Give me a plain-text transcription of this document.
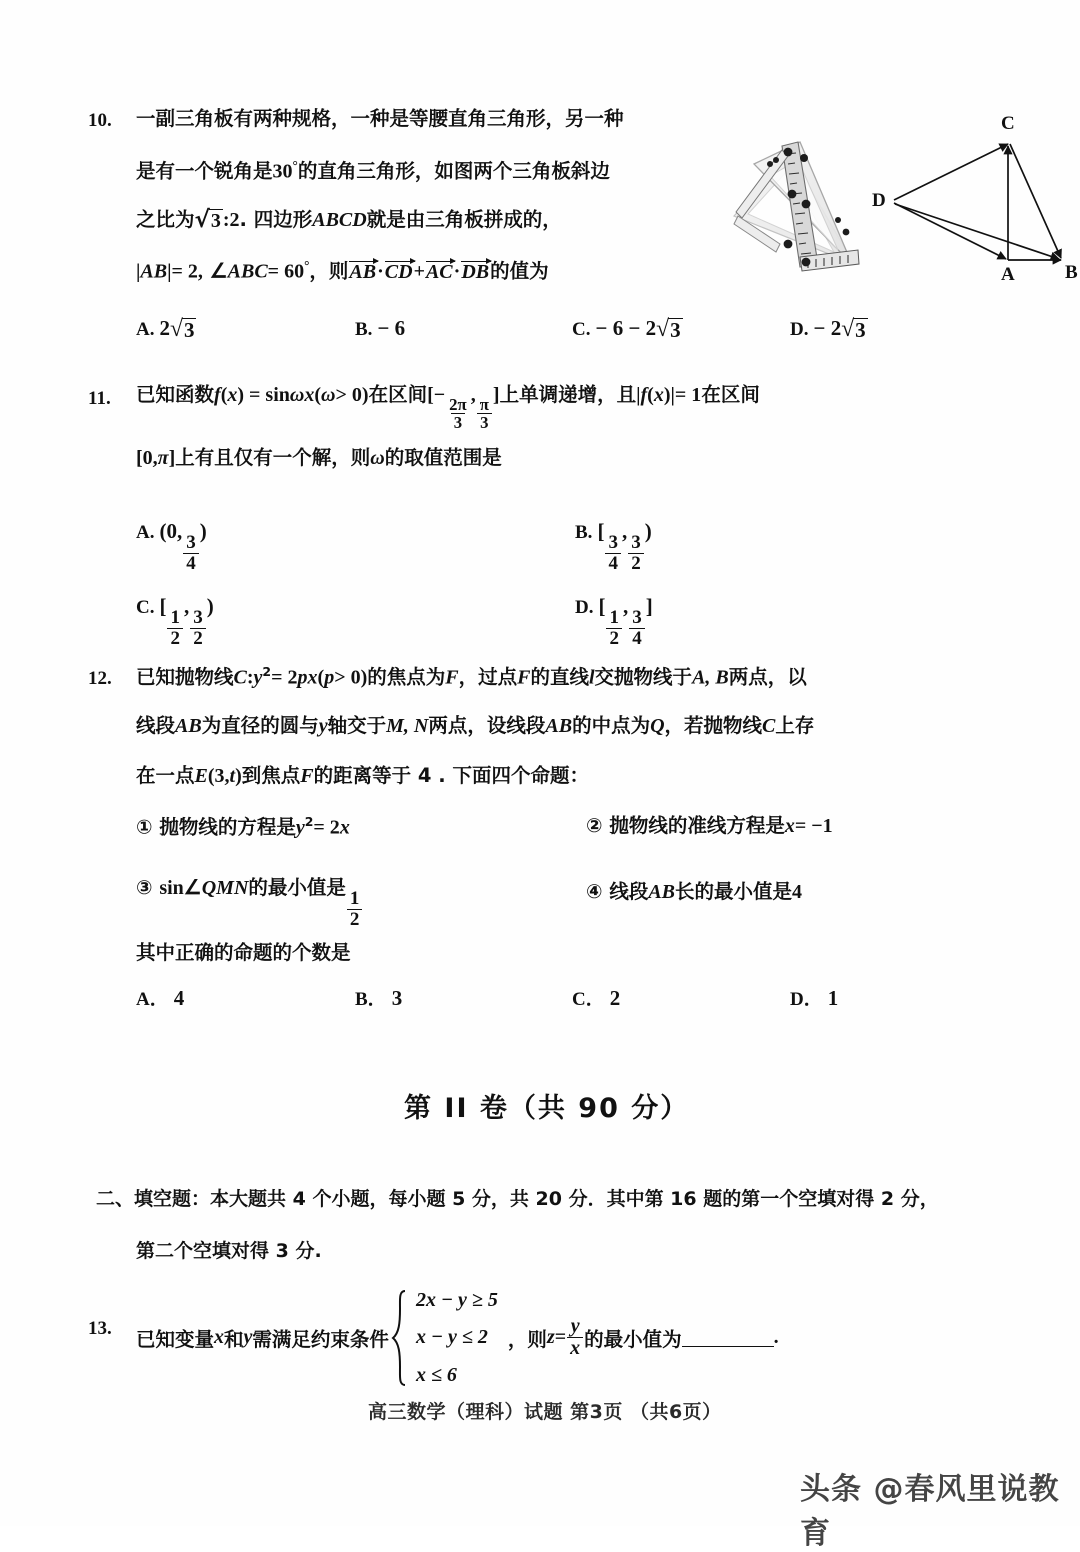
10. 一副三角板有两种规格，一种是等腰直角三角形，另一种
是有一个锐角是30°的直角三角形，如图两个三角板斜边
之比为 √ 3 :2. 四边形ABCD就是由三角板拼成的，
|AB|= 2, ∠ABC= 60°，则
AB·
CD+
AC·
DB的值为
A. 2 √ 3	B. − 6	C. − 6 − 2 √ 3	D. − 2 √ 3
C
D
A	B
11. 已知函数f(x) = sinωx(ω> 0)在区间[−
$\frac{2\pi}{3}$
,
$\frac{\pi}{3}$
]上单调递增，且|f(x)|= 1在区间
[0,π]上有且仅有一个解，则ω的取值范围是
A. (0,
$\frac{3}{4}$
)	B. [
$\frac{3}{4}$
,
$\frac{3}{2}$
)
C. [
$\frac{1}{2}$
,
$\frac{3}{2}$
)	D. [
$\frac{1}{2}$
,
$\frac{3}{4}$
]
12. 已知抛物线$C:y^2= 2px(p> 0)$的焦点为F，过点F的直线l交抛物线于A, B两点，以
线段AB为直径的圆与y轴交于M, N两点，设线段AB的中点为Q，若抛物线C上存
在一点E(3,t)到焦点F的距离等于 4 . 下面四个命题：
① 抛物线的方程是$y^2= 2x$	② 抛物线的准线方程是x= −1
③ sin∠QMN的最小值是
$\frac{1}{2}$	④ 线段AB长的最小值是4
其中正确的命题的个数是
A． 4	B． 3	C． 2	D． 1
第 II 卷（共 90 分）
二、填空题：本大题共 4 个小题，每小题 5 分，共 20 分．其中第 16 题的第一个空填对得 2 分，
第二个空填对得 3 分.
13. 已知变量 x 和 y 需满足约束条件

2x − y ≥ 5
x − y ≤ 2
x ≤ 6
，则 $z = \frac{y}{x}$ 的最小值为	.
高三数学（理科）试题 第3页 （共6页）
头条 @春风里说教育
